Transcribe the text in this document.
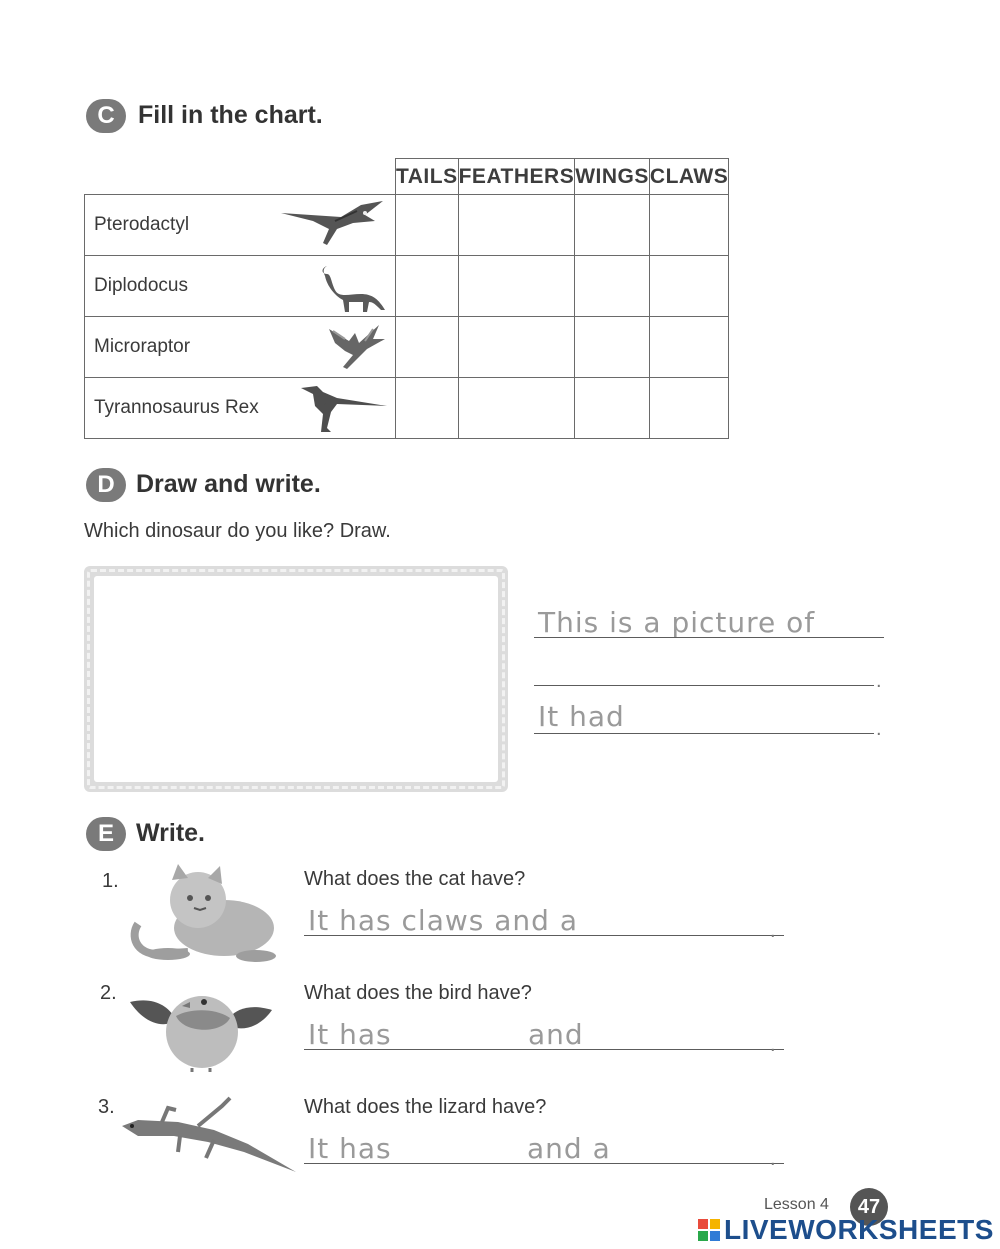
C Fill in the chart.
	TAILS	FEATHERS	WINGS	CLAWS
Pterodactyl

Diplodocus

Microraptor

Tyrannosaurus Rex

D Draw and write.
Which dinosaur do you like? Draw.
This is a picture of
.
It had	.
E Write.
1.	What does the cat have?
It has claws and a	.
2.	What does the bird have?
It has	and	.
3.	What does the lizard have?
It has	and a	.
Lesson 4	47
LIVEWORKSHEETS
